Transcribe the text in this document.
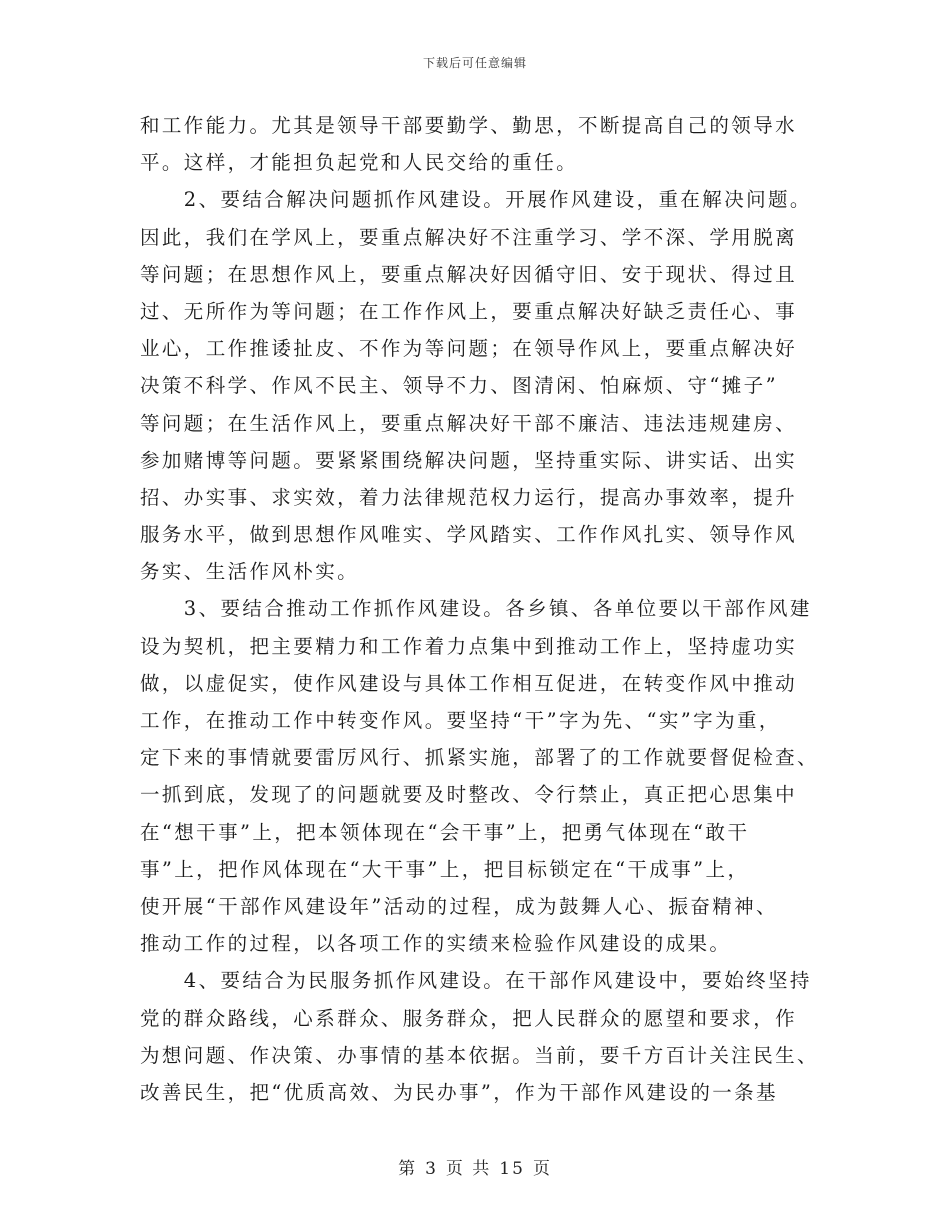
下载后可任意编辑
和工作能力。尤其是领导干部要勤学、勤思，不断提高自己的领导水
平。这样，才能担负起党和人民交给的重任。
　　2、要结合解决问题抓作风建设。开展作风建设，重在解决问题。
因此，我们在学风上，要重点解决好不注重学习、学不深、学用脱离
等问题；在思想作风上，要重点解决好因循守旧、安于现状、得过且
过、无所作为等问题；在工作作风上，要重点解决好缺乏责任心、事
业心，工作推诿扯皮、不作为等问题；在领导作风上，要重点解决好
决策不科学、作风不民主、领导不力、图清闲、怕麻烦、守“摊子”
等问题；在生活作风上，要重点解决好干部不廉洁、违法违规建房、
参加赌博等问题。要紧紧围绕解决问题，坚持重实际、讲实话、出实
招、办实事、求实效，着力法律规范权力运行，提高办事效率，提升
服务水平，做到思想作风唯实、学风踏实、工作作风扎实、领导作风
务实、生活作风朴实。
　　3、要结合推动工作抓作风建设。各乡镇、各单位要以干部作风建
设为契机，把主要精力和工作着力点集中到推动工作上，坚持虚功实
做，以虚促实，使作风建设与具体工作相互促进，在转变作风中推动
工作，在推动工作中转变作风。要坚持“干”字为先、“实”字为重，
定下来的事情就要雷厉风行、抓紧实施，部署了的工作就要督促检查、
一抓到底，发现了的问题就要及时整改、令行禁止，真正把心思集中
在“想干事”上，把本领体现在“会干事”上，把勇气体现在“敢干
事”上，把作风体现在“大干事”上，把目标锁定在“干成事”上，
使开展“干部作风建设年”活动的过程，成为鼓舞人心、振奋精神、
推动工作的过程，以各项工作的实绩来检验作风建设的成果。
　　4、要结合为民服务抓作风建设。在干部作风建设中，要始终坚持
党的群众路线，心系群众、服务群众，把人民群众的愿望和要求，作
为想问题、作决策、办事情的基本依据。当前，要千方百计关注民生、
改善民生，把“优质高效、为民办事”，作为干部作风建设的一条基
第 3 页 共 15 页
